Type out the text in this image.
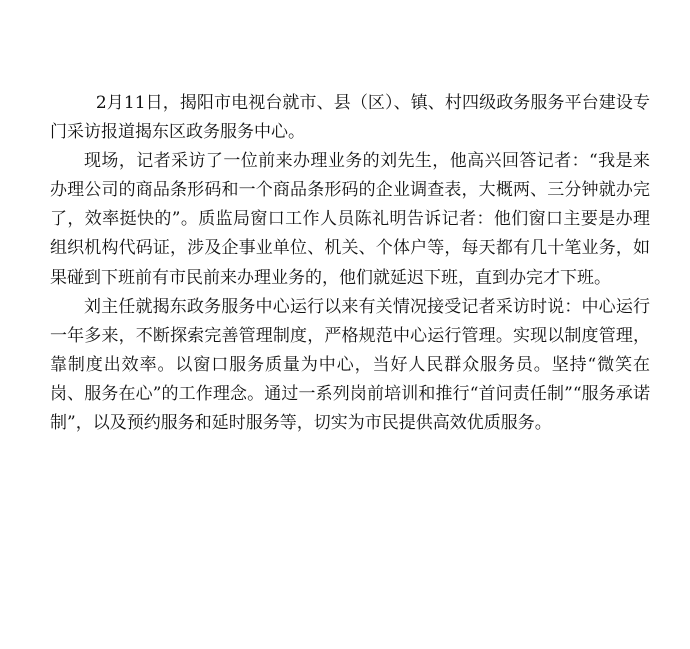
2月11日，揭阳市电视台就市、县（区）、镇、村四级政务服务平台建设专门采访报道揭东区政务服务中心。

现场，记者采访了一位前来办理业务的刘先生，他高兴回答记者：“我是来办理公司的商品条形码和一个商品条形码的企业调查表，大概两、三分钟就办完了，效率挺快的”。质监局窗口工作人员陈礼明告诉记者：他们窗口主要是办理组织机构代码证，涉及企事业单位、机关、个体户等，每天都有几十笔业务，如果碰到下班前有市民前来办理业务的，他们就延迟下班，直到办完才下班。

刘主任就揭东政务服务中心运行以来有关情况接受记者采访时说：中心运行一年多来，不断探索完善管理制度，严格规范中心运行管理。实现以制度管理，靠制度出效率。以窗口服务质量为中心，当好人民群众服务员。坚持“微笑在岗、服务在心”的工作理念。通过一系列岗前培训和推行“首问责任制”“服务承诺制”，以及预约服务和延时服务等，切实为市民提供高效优质服务。
